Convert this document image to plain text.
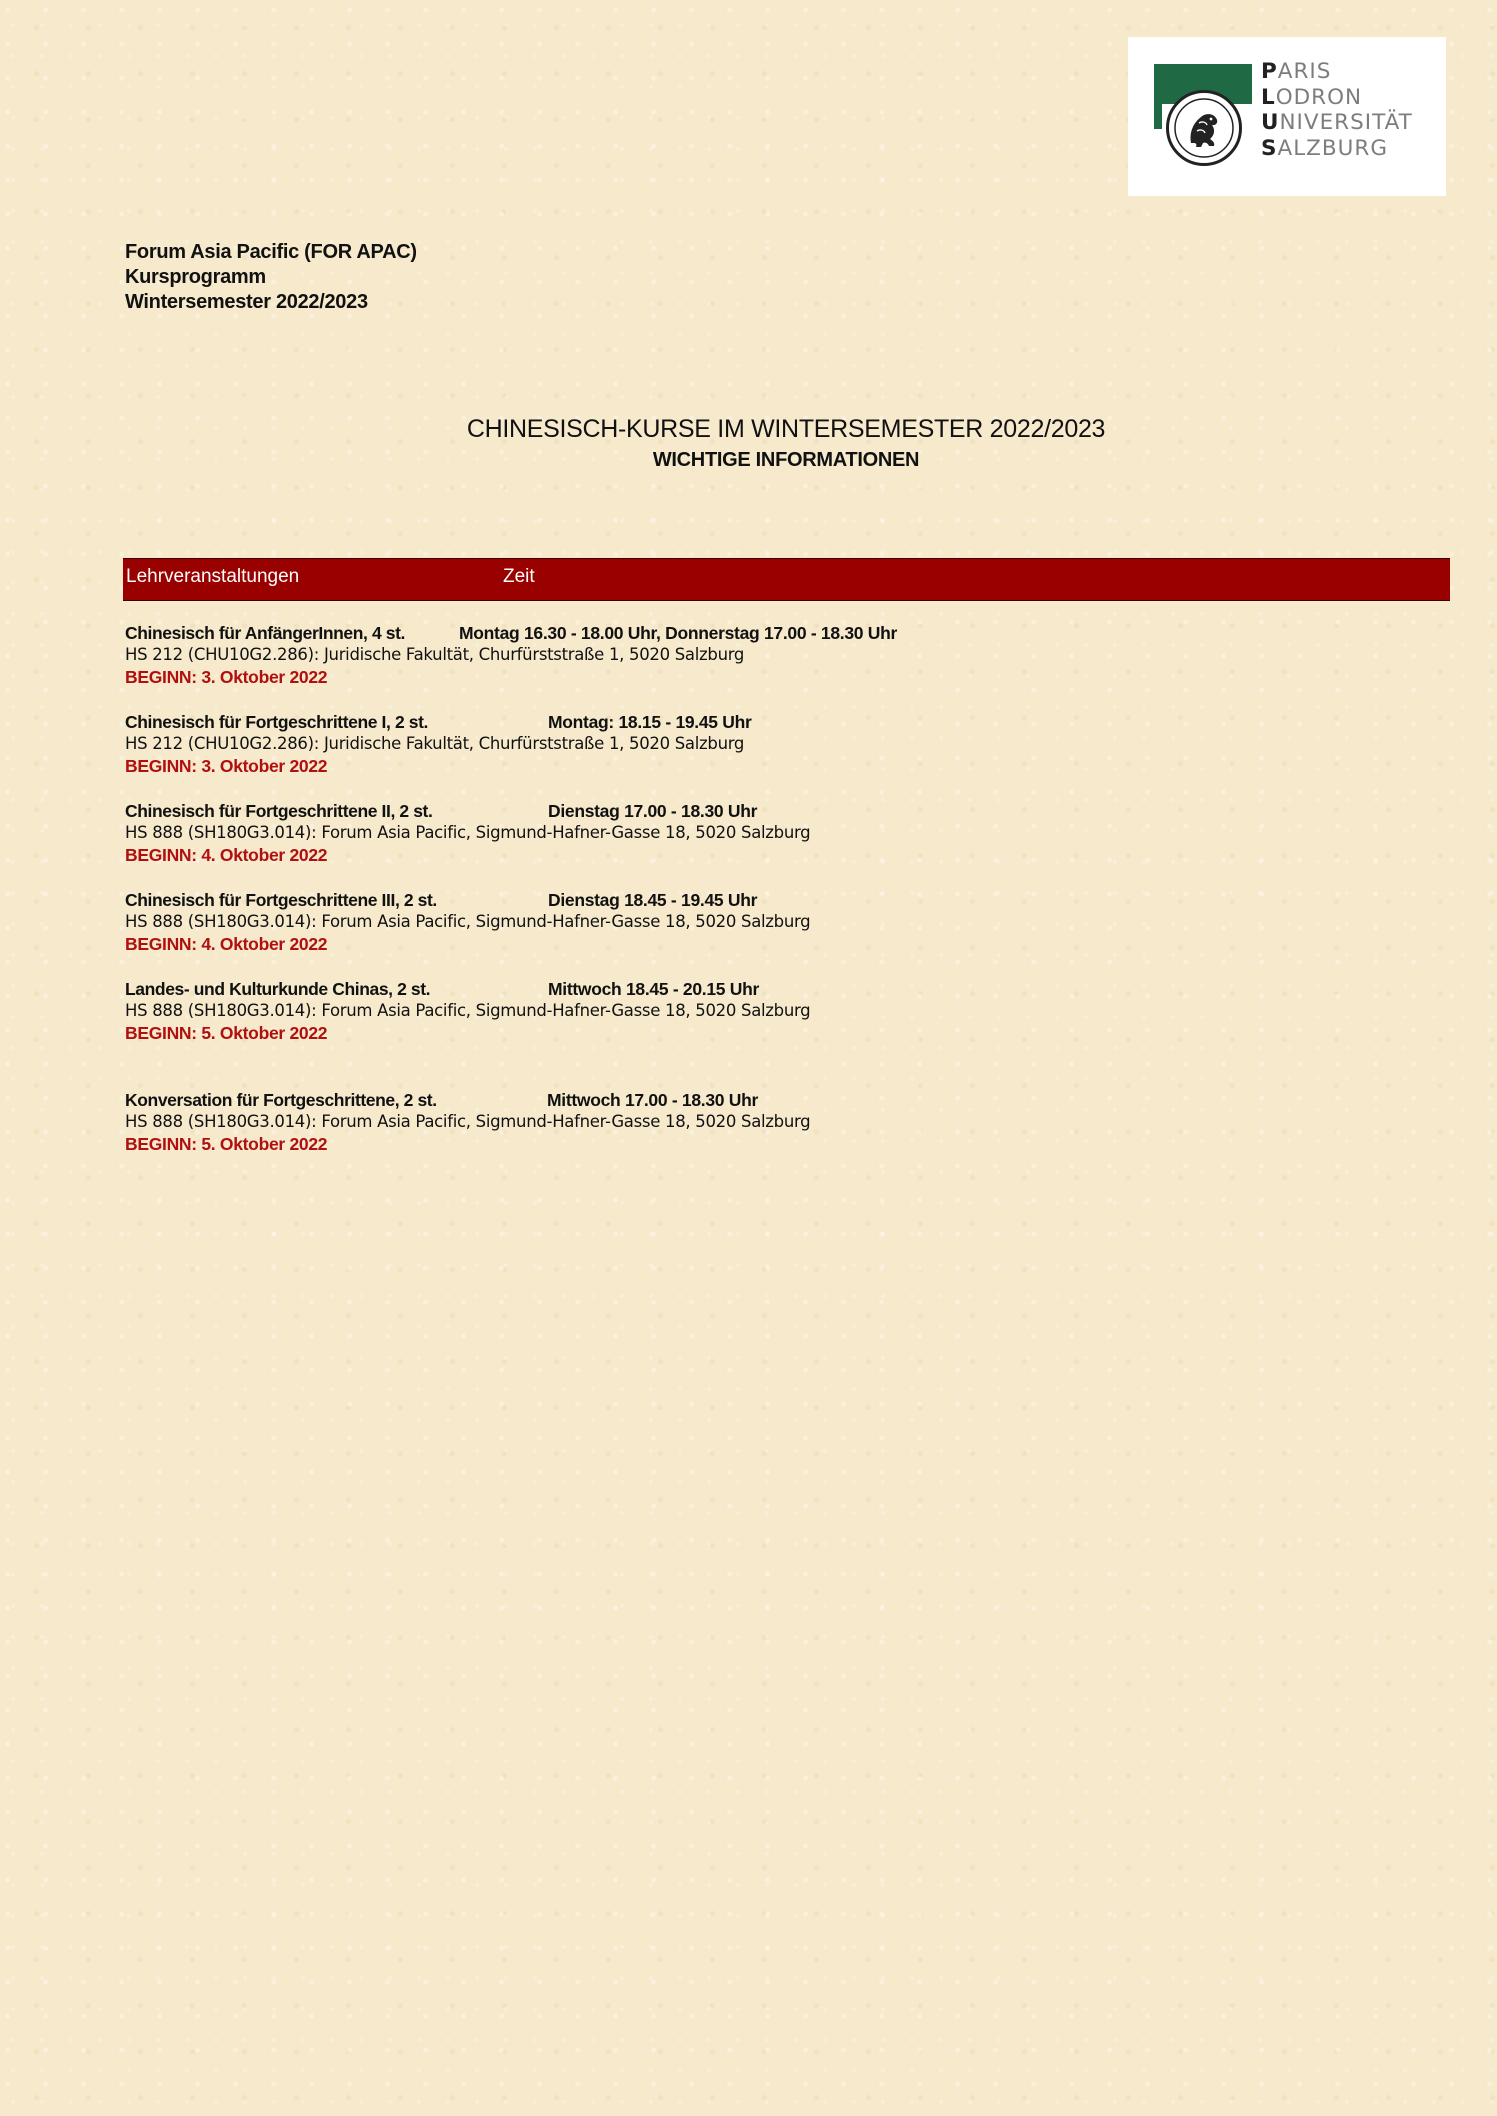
PARIS
LODRON
UNIVERSITÄT
SALZBURG
Forum Asia Pacific (FOR APAC)
Kursprogramm
Wintersemester 2022/2023
CHINESISCH-KURSE IM WINTERSEMESTER 2022/2023
WICHTIGE INFORMATIONEN
Lehrveranstaltungen	Zeit
Chinesisch für AnfängerInnen, 4 st.	Montag 16.30 - 18.00 Uhr, Donnerstag 17.00 - 18.30 Uhr
HS 212 (CHU10G2.286): Juridische Fakultät, Churfürststraße 1, 5020 Salzburg
BEGINN: 3. Oktober 2022
Chinesisch für Fortgeschrittene I, 2 st.	Montag: 18.15 - 19.45 Uhr
HS 212 (CHU10G2.286): Juridische Fakultät, Churfürststraße 1, 5020 Salzburg
BEGINN: 3. Oktober 2022
Chinesisch für Fortgeschrittene II, 2 st.	Dienstag 17.00 - 18.30 Uhr
HS 888 (SH180G3.014): Forum Asia Pacific, Sigmund-Hafner-Gasse 18, 5020 Salzburg
BEGINN: 4. Oktober 2022
Chinesisch für Fortgeschrittene III, 2 st.	Dienstag 18.45 - 19.45 Uhr
HS 888 (SH180G3.014): Forum Asia Pacific, Sigmund-Hafner-Gasse 18, 5020 Salzburg
BEGINN: 4. Oktober 2022
Landes- und Kulturkunde Chinas, 2 st.	Mittwoch 18.45 - 20.15 Uhr
HS 888 (SH180G3.014): Forum Asia Pacific, Sigmund-Hafner-Gasse 18, 5020 Salzburg
BEGINN: 5. Oktober 2022
Konversation für Fortgeschrittene, 2 st.	Mittwoch 17.00 - 18.30 Uhr
HS 888 (SH180G3.014): Forum Asia Pacific, Sigmund-Hafner-Gasse 18, 5020 Salzburg
BEGINN: 5. Oktober 2022
